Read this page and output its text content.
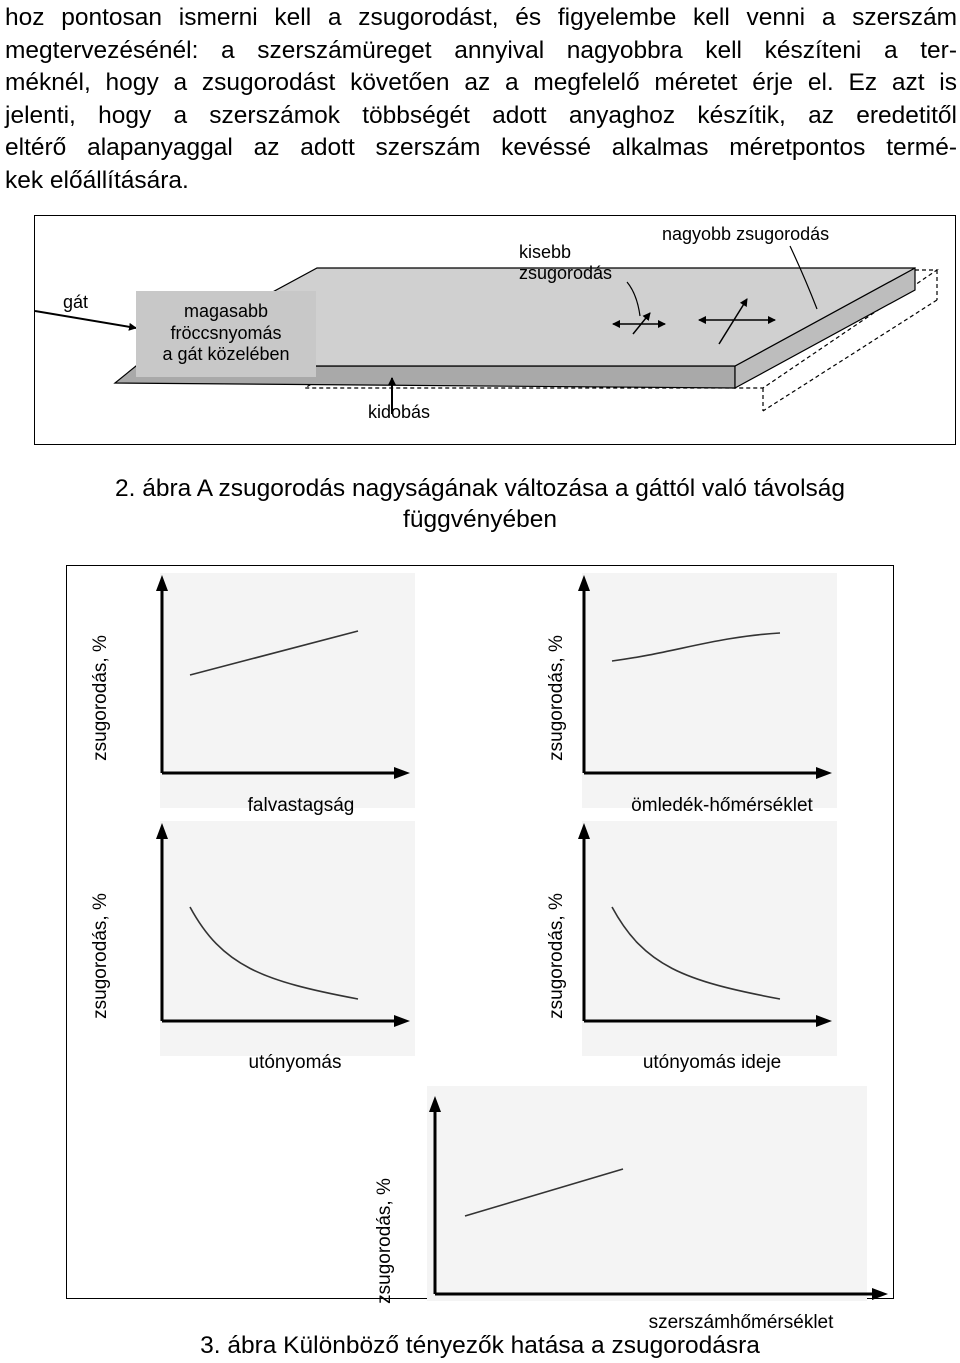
hoz pontosan ismerni kell a zsugorodást, és figyelembe kell venni a szerszám
megtervezésénél: a szerszámüreget annyival nagyobbra kell készíteni a ter-
méknél, hogy a zsugorodást követően az a megfelelő méretet érje el. Ez azt is
jelenti, hogy a szerszámok többségét adott anyaghoz készítik, az eredetitől
eltérő alapanyaggal az adott szerszám kevéssé alkalmas méretpontos termé-
kek előállítására.

gát	magasabb
fröccsnyomás
a gát közelében
kidobás
kisebb
zsugorodás
nagyobb zsugorodás
2. ábra A zsugorodás nagyságának változása a gáttól való távolság
függvényében
zsugorodás, %
falvastagság
zsugorodás, %
ömledék-hőmérséklet
zsugorodás, %
utónyomás
zsugorodás, %
utónyomás ideje
zsugorodás, %
szerszámhőmérséklet
3. ábra Különböző tényezők hatása a zsugorodásra
